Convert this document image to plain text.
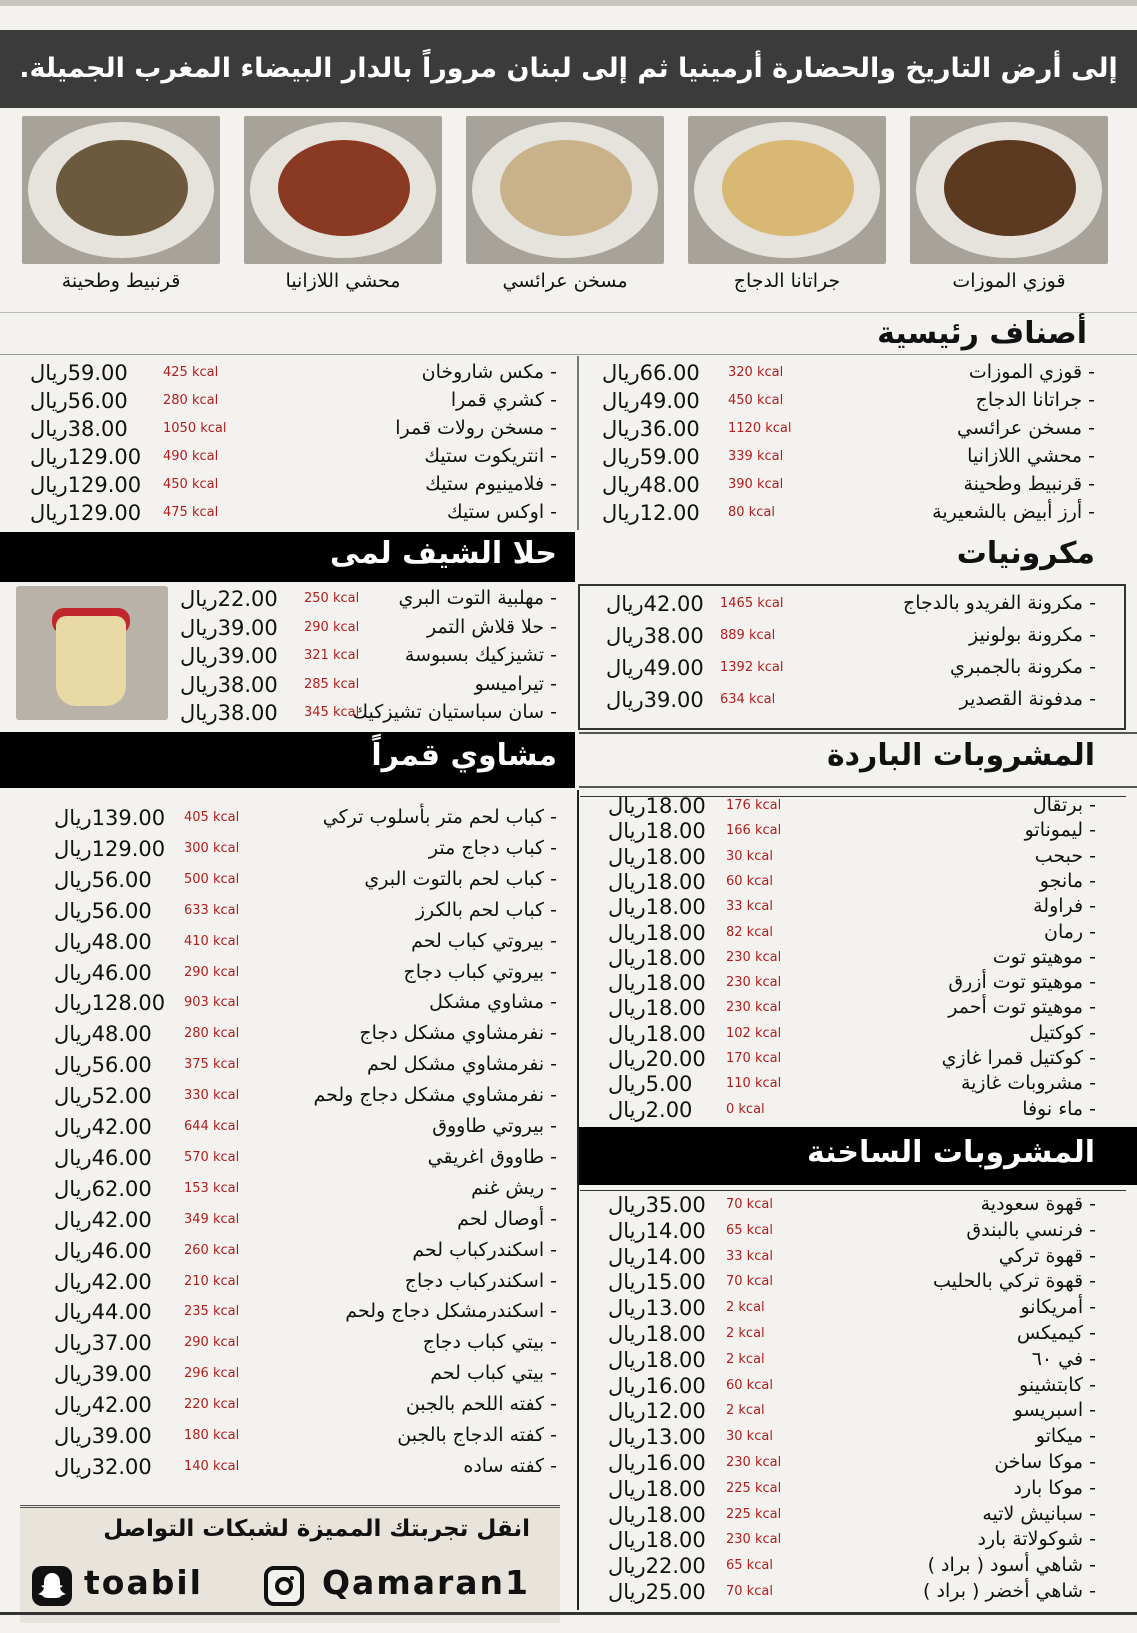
إلى أرض التاريخ والحضارة أرمينيا ثم إلى لبنان مروراً بالدار البيضاء المغرب الجميلة.
قرنبيط وطحينة	محشي اللازانيا	مسخن عرائسي	جراتانا الدجاج	قوزي الموزات
أصناف رئيسية
- قوزي الموزات
320 kcal
66.00ريال
- جراتانا الدجاج
450 kcal
49.00ريال
- مسخن عرائسي
1120 kcal
36.00ريال
- محشي اللازانيا
339 kcal
59.00ريال
- قرنبيط وطحينة
390 kcal
48.00ريال
- أرز أبيض بالشعيرية
80 kcal
12.00ريال
- مكس شاروخان
425 kcal
59.00ريال
- كشري قمرا
280 kcal
56.00ريال
- مسخن رولات قمرا
1050 kcal
38.00ريال
- انتريكوت ستيك
490 kcal
129.00ريال
- فلامينيوم ستيك
450 kcal
129.00ريال
- اوكس ستيك
475 kcal
129.00ريال
حلا الشيف لمى	مكرونيات
- مكرونة الفريدو بالدجاج
1465 kcal
42.00ريال
- مكرونة بولونيز
889 kcal
38.00ريال
- مكرونة بالجمبري
1392 kcal
49.00ريال
- مدفونة القصدير
634 kcal
39.00ريال
- مهلبية التوت البري
250 kcal
22.00ريال
- حلا قلاش التمر
290 kcal
39.00ريال
- تشيزكيك بسبوسة
321 kcal
39.00ريال
- تيراميسو
285 kcal
38.00ريال
- سان سباستيان تشيزكيك
345 kcal
38.00ريال
مشاوي قمراً	المشروبات الباردة
- برتقال
176 kcal
18.00ريال
- ليموناتو
166 kcal
18.00ريال
- حبحب
30 kcal
18.00ريال
- مانجو
60 kcal
18.00ريال
- فراولة
33 kcal
18.00ريال
- رمان
82 kcal
18.00ريال
- موهيتو توت
230 kcal
18.00ريال
- موهيتو توت أزرق
230 kcal
18.00ريال
- موهيتو توت أحمر
230 kcal
18.00ريال
- كوكتيل
102 kcal
18.00ريال
- كوكتيل قمرا غازي
170 kcal
20.00ريال
- مشروبات غازية
110 kcal
5.00ريال
- ماء نوفا
0 kcal
2.00ريال
- كباب لحم متر بأسلوب تركي
405 kcal
139.00ريال
- كباب دجاج متر
300 kcal
129.00ريال
- كباب لحم بالتوت البري
500 kcal
56.00ريال
- كباب لحم بالكرز
633 kcal
56.00ريال
- بيروتي كباب لحم
410 kcal
48.00ريال
- بيروتي كباب دجاج
290 kcal
46.00ريال
- مشاوي مشكل
903 kcal
128.00ريال
- نفرمشاوي مشكل دجاج
280 kcal
48.00ريال
- نفرمشاوي مشكل لحم
375 kcal
56.00ريال
- نفرمشاوي مشكل دجاج ولحم
330 kcal
52.00ريال
- بيروتي طاووق
644 kcal
42.00ريال
- طاووق اغريقي
570 kcal
46.00ريال
- ريش غنم
153 kcal
62.00ريال
- أوصال لحم
349 kcal
42.00ريال
- اسكندركباب لحم
260 kcal
46.00ريال
- اسكندركباب دجاج
210 kcal
42.00ريال
- اسكندرمشكل دجاج ولحم
235 kcal
44.00ريال
- بيتي كباب دجاج
290 kcal
37.00ريال
- بيتي كباب لحم
296 kcal
39.00ريال
- كفته اللحم بالجبن
220 kcal
42.00ريال
- كفته الدجاج بالجبن
180 kcal
39.00ريال
- كفته ساده
140 kcal
32.00ريال
المشروبات الساخنة
- قهوة سعودية
70 kcal
35.00ريال
- فرنسي بالبندق
65 kcal
14.00ريال
- قهوة تركي
33 kcal
14.00ريال
- قهوة تركي بالحليب
70 kcal
15.00ريال
- أمريكانو
2 kcal
13.00ريال
- كيميكس
2 kcal
18.00ريال
- في ٦٠
2 kcal
18.00ريال
- كابتشينو
60 kcal
16.00ريال
- اسبريسو
2 kcal
12.00ريال
- ميكاتو
30 kcal
13.00ريال
- موكا ساخن
230 kcal
16.00ريال
- موكا بارد
225 kcal
18.00ريال
- سبانيش لاتيه
225 kcal
18.00ريال
- شوكولاتة بارد
230 kcal
18.00ريال
- شاهي أسود ( براد )
65 kcal
22.00ريال
- شاهي أخضر ( براد )
70 kcal
25.00ريال
انقل تجربتك المميزة لشبكات التواصل
toabil	Qamaran1
